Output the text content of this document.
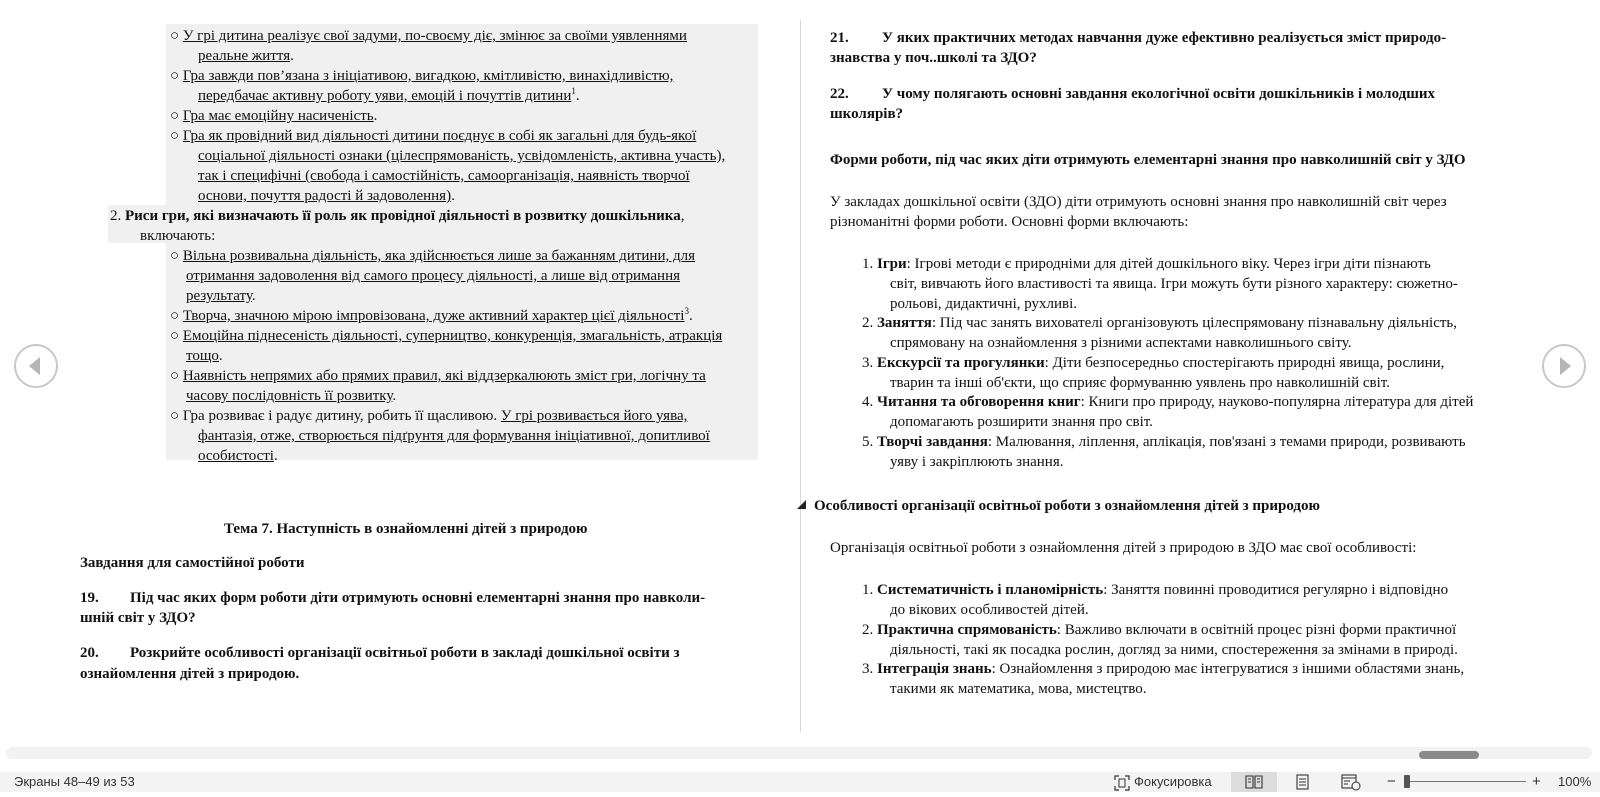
○ У грі дитина реалізує свої задуми, по-своєму діє, змінює за своїми уявленнями
реальне життя.
○ Гра завжди пов’язана з ініціативою, вигадкою, кмітливістю, винахідливістю,
передбачає активну роботу уяви, емоцій і почуттів дитини$^1$.
○ Гра має емоційну насиченість.
○ Гра як провідний вид діяльності дитини поєднує в собі як загальні для будь-якої
соціальної діяльності ознаки (цілеспрямованість, усвідомленість, активна участь),
так і специфічні (свобода і самостійність, самоорганізація, наявність творчої
основи, почуття радості й задоволення).
2. Риси гри, які визначають її роль як провідної діяльності в розвитку дошкільника,
включають:
○ Вільна розвивальна діяльність, яка здійснюється лише за бажанням дитини, для
отримання задоволення від самого процесу діяльності, а лише від отримання
результату.
○ Творча, значною мірою імпровізована, дуже активний характер цієї діяльності$^3$.
○ Емоційна піднесеність діяльності, суперництво, конкуренція, змагальність, атракція
тощо.
○ Наявність непрямих або прямих правил, які віддзеркалюють зміст гри, логічну та
часову послідовність її розвитку.
○ Гра розвиває і радує дитину, робить її щасливою. У грі розвивається його уява,
фантазія, отже, створюється підґрунтя для формування ініціативної, допитливої
особистості.
Тема 7. Наступність в ознайомленні дітей з природою
Завдання для самостійної роботи
19. Під час яких форм роботи діти отримують основні елементарні знання про навколи-
шній світ у ЗДО?
20. Розкрийте особливості організації освітньої роботи в закладі дошкільної освіти з
ознайомлення дітей з природою.
21. У яких практичних методах навчання дуже ефективно реалізується зміст природо-
знавства у поч..школі та ЗДО?
22. У чому полягають основні завдання екологічної освіти дошкільників і молодших
школярів?
Форми роботи, під час яких діти отримують елементарні знання про навколишній світ у ЗДО
У закладах дошкільної освіти (ЗДО) діти отримують основні знання про навколишній світ через
різноманітні форми роботи. Основні форми включають:
1. Ігри: Ігрові методи є природніми для дітей дошкільного віку. Через ігри діти пізнають
світ, вивчають його властивості та явища. Ігри можуть бути різного характеру: сюжетно-
рольові, дидактичні, рухливі.
2. Заняття: Під час занять вихователі організовують цілеспрямовану пізнавальну діяльність,
спрямовану на ознайомлення з різними аспектами навколишнього світу.
3. Екскурсії та прогулянки: Діти безпосередньо спостерігають природні явища, рослини,
тварин та інші об'єкти, що сприяє формуванню уявлень про навколишній світ.
4. Читання та обговорення книг: Книги про природу, науково-популярна література для дітей
допомагають розширити знання про світ.
5. Творчі завдання: Малювання, ліплення, аплікація, пов'язані з темами природи, розвивають
уяву і закріплюють знання.
Особливості організації освітньої роботи з ознайомлення дітей з природою
Організація освітньої роботи з ознайомлення дітей з природою в ЗДО має свої особливості:
1. Систематичність і планомірність: Заняття повинні проводитися регулярно і відповідно
до вікових особливостей дітей.
2. Практична спрямованість: Важливо включати в освітній процес різні форми практичної
діяльності, такі як посадка рослин, догляд за ними, спостереження за змінами в природі.
3. Інтеграція знань: Ознайомлення з природою має інтегруватися з іншими областями знань,
такими як математика, мова, мистецтво.
Экраны 48–49 из 53	Фокусировка	−	+ 100%
